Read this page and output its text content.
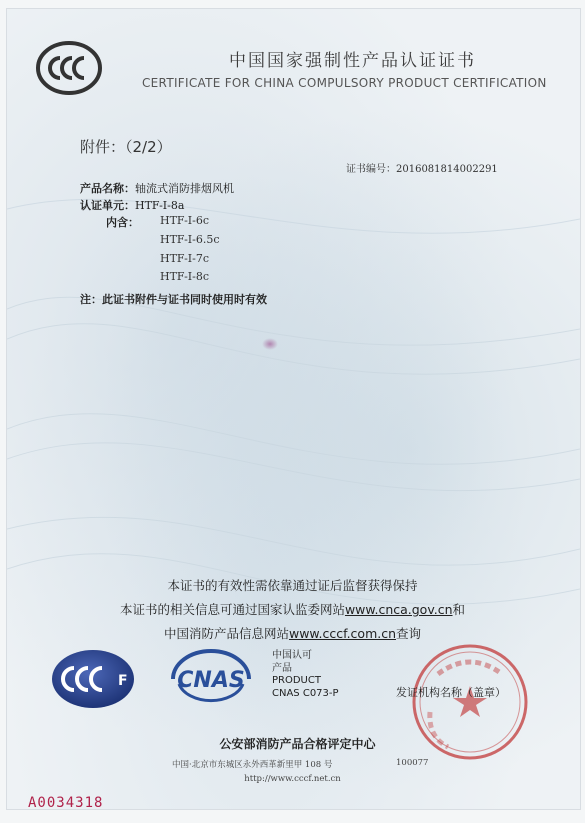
中国国家强制性产品认证证书
CERTIFICATE FOR CHINA COMPULSORY PRODUCT CERTIFICATION
附件：（2/2）
证书编号：2016081814002291
产品名称：轴流式消防排烟风机
认证单元：HTF-I-8a
内含： HTF-I-6c
HTF-I-6.5c
HTF-I-7c
HTF-I-8c
注：此证书附件与证书同时使用时有效
本证书的有效性需依靠通过证后监督获得保持
本证书的相关信息可通过国家认监委网站www.cnca.gov.cn和
中国消防产品信息网站www.cccf.com.cn查询
F CNAS
中国认可
产品
PRODUCT
CNAS C073-P	发证机构名称（盖章）
公安部消防产品合格评定中心
中国·北京市东城区永外西革新里甲 108 号	100077
http://www.cccf.net.cn
A0034318
